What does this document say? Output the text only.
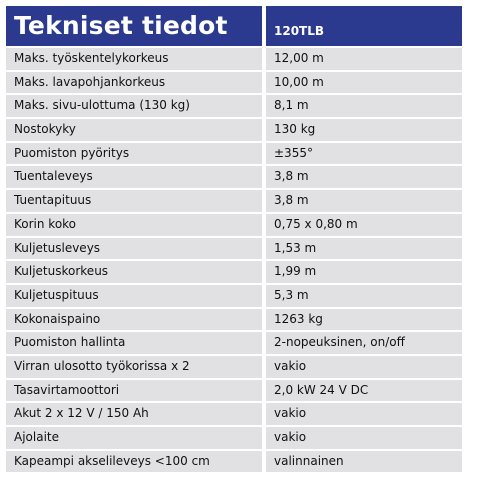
Tekniset tiedot	120TLB
Maks. työskentelykorkeus	12,00 m
Maks. lavapohjankorkeus	10,00 m
Maks. sivu-ulottuma (130 kg)	8,1 m
Nostokyky	130 kg
Puomiston pyöritys	±355°
Tuentaleveys	3,8 m
Tuentapituus	3,8 m
Korin koko	0,75 x 0,80 m
Kuljetusleveys	1,53 m
Kuljetuskorkeus	1,99 m
Kuljetuspituus	5,3 m
Kokonaispaino	1263 kg
Puomiston hallinta	2-nopeuksinen, on/off
Virran ulosotto työkorissa x 2	vakio
Tasavirtamoottori	2,0 kW 24 V DC
Akut 2 x 12 V / 150 Ah	vakio
Ajolaite	vakio
Kapeampi akselileveys <100 cm	valinnainen
